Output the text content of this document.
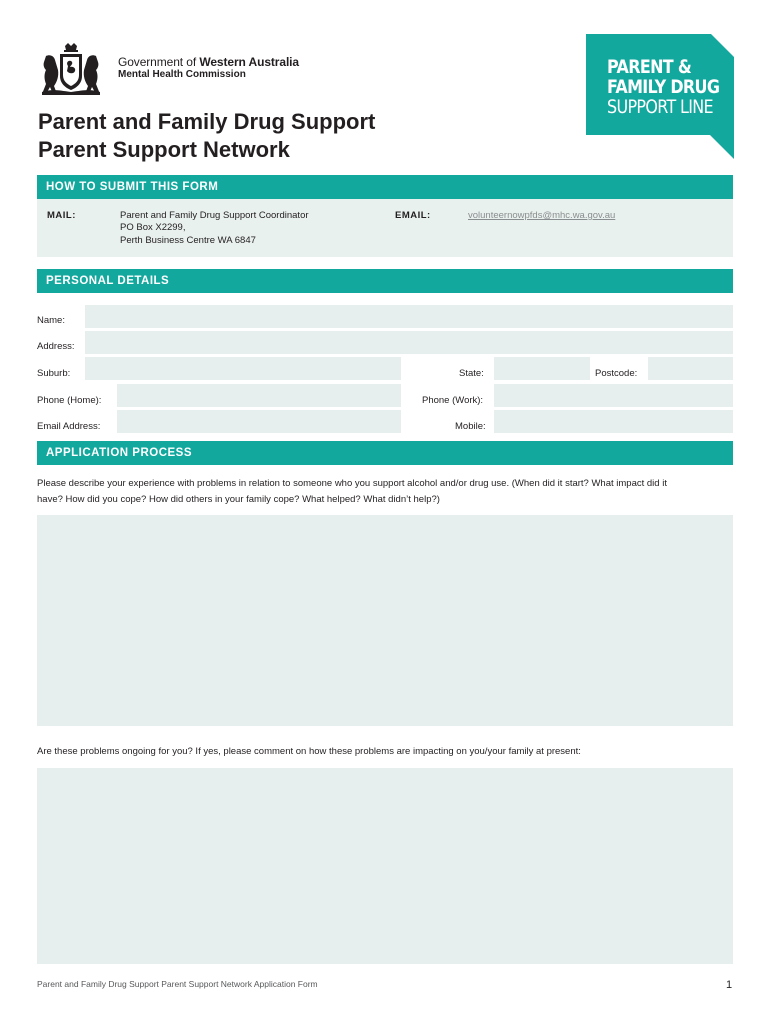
Government of Western Australia
Mental Health Commission
Parent and Family Drug Support
Parent Support Network
PARENT &
FAMILY DRUG
SUPPORT LINE
HOW TO SUBMIT THIS FORM
MAIL:	Parent and Family Drug Support Coordinator
PO Box X2299,
Perth Business Centre WA 6847
EMAIL:	volunteernowpfds@mhc.wa.gov.au
PERSONAL DETAILS
Name:
Address:
Suburb:	State:	Postcode:
Phone (Home):	Phone (Work):
Email Address:	Mobile:
APPLICATION PROCESS
Please describe your experience with problems in relation to someone who you support alcohol and/or drug use. (When did it start? What impact did it
have? How did you cope? How did others in your family cope? What helped? What didn’t help?)
Are these problems ongoing for you? If yes, please comment on how these problems are impacting on you/your family at present:
Parent and Family Drug Support Parent Support Network Application Form	1
